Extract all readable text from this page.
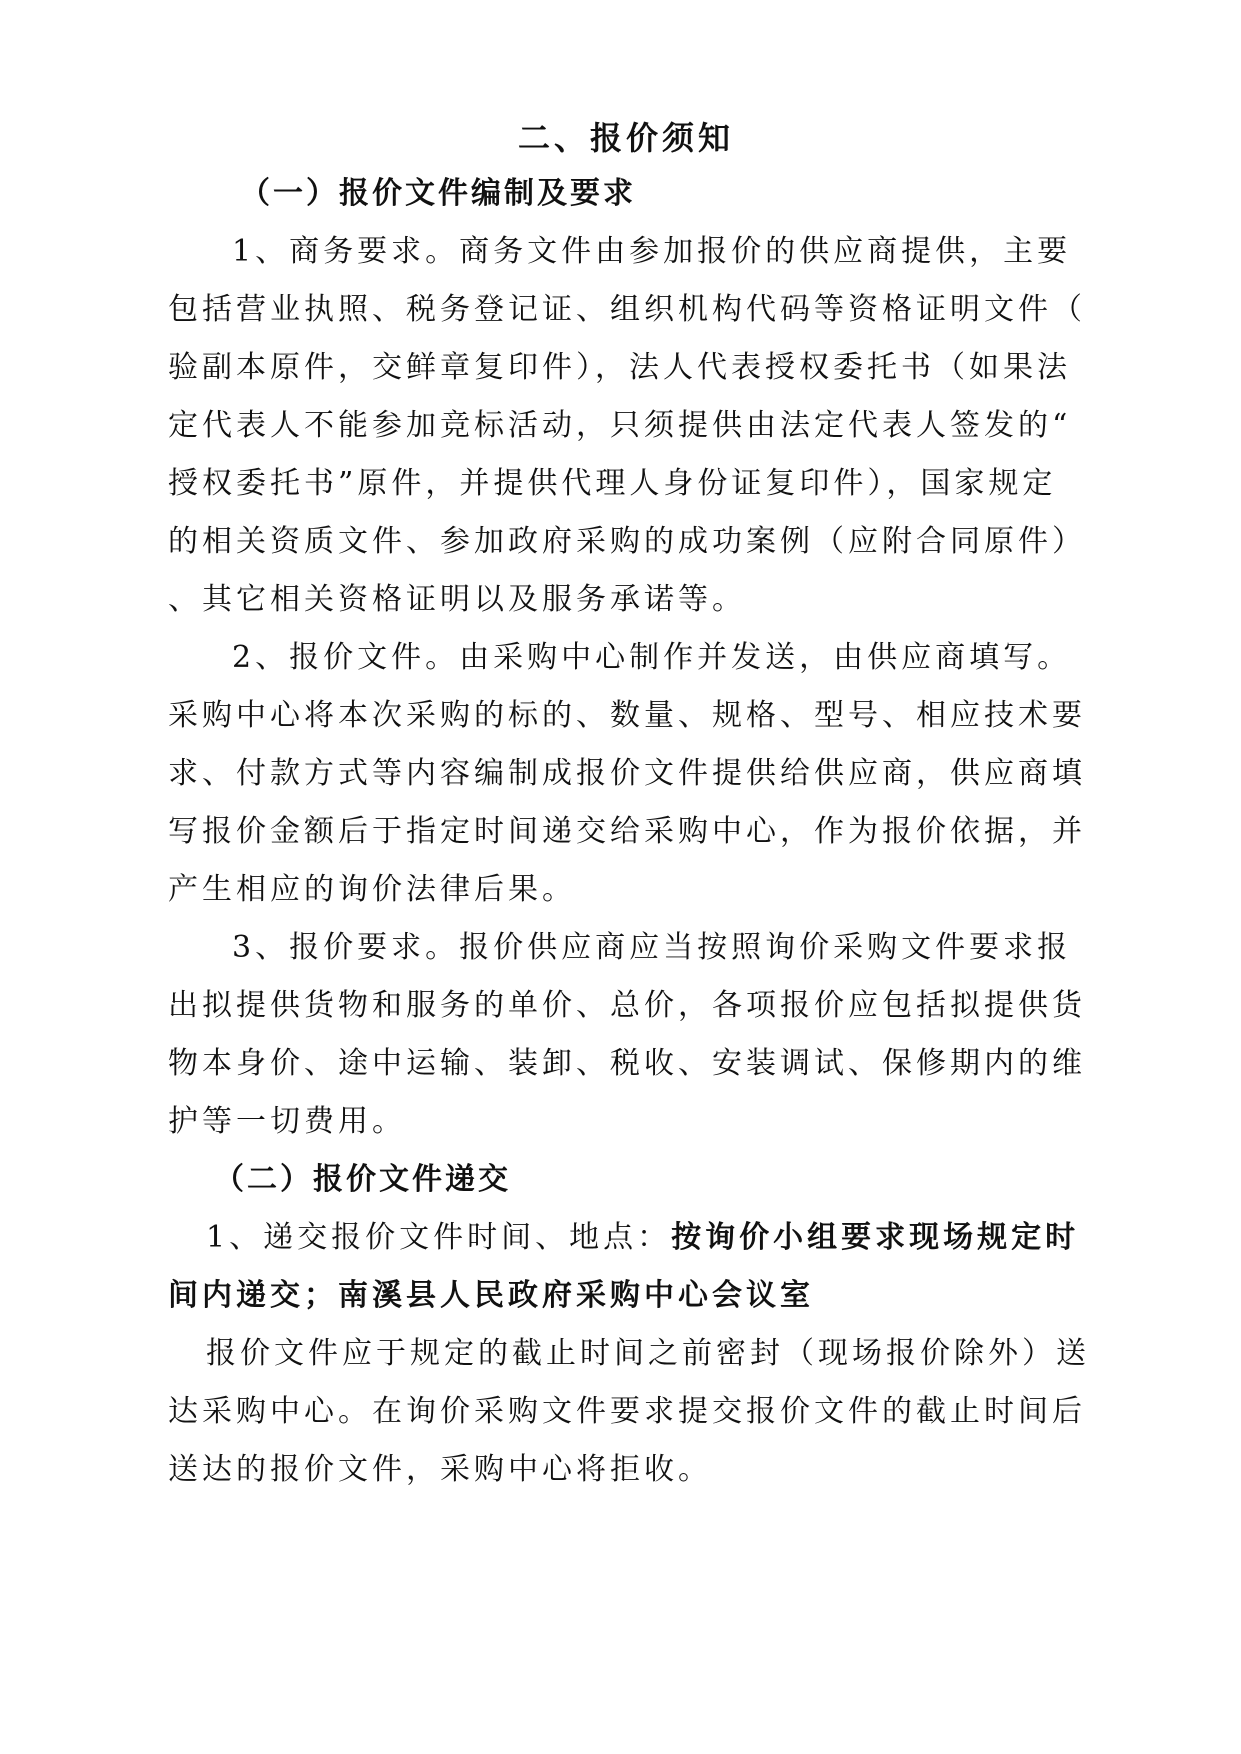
二、报价须知
（一）报价文件编制及要求
1、商务要求。商务文件由参加报价的供应商提供，主要
包括营业执照、税务登记证、组织机构代码等资格证明文件（
验副本原件，交鲜章复印件），法人代表授权委托书（如果法
定代表人不能参加竞标活动，只须提供由法定代表人签发的“
授权委托书”原件，并提供代理人身份证复印件），国家规定
的相关资质文件、参加政府采购的成功案例（应附合同原件）
、其它相关资格证明以及服务承诺等。
2、报价文件。由采购中心制作并发送，由供应商填写。
采购中心将本次采购的标的、数量、规格、型号、相应技术要
求、付款方式等内容编制成报价文件提供给供应商，供应商填
写报价金额后于指定时间递交给采购中心，作为报价依据，并
产生相应的询价法律后果。
3、报价要求。报价供应商应当按照询价采购文件要求报
出拟提供货物和服务的单价、总价，各项报价应包括拟提供货
物本身价、途中运输、装卸、税收、安装调试、保修期内的维
护等一切费用。
（二）报价文件递交
1、递交报价文件时间、地点：按询价小组要求现场规定时
间内递交；南溪县人民政府采购中心会议室
报价文件应于规定的截止时间之前密封（现场报价除外）送
达采购中心。在询价采购文件要求提交报价文件的截止时间后
送达的报价文件，采购中心将拒收。
